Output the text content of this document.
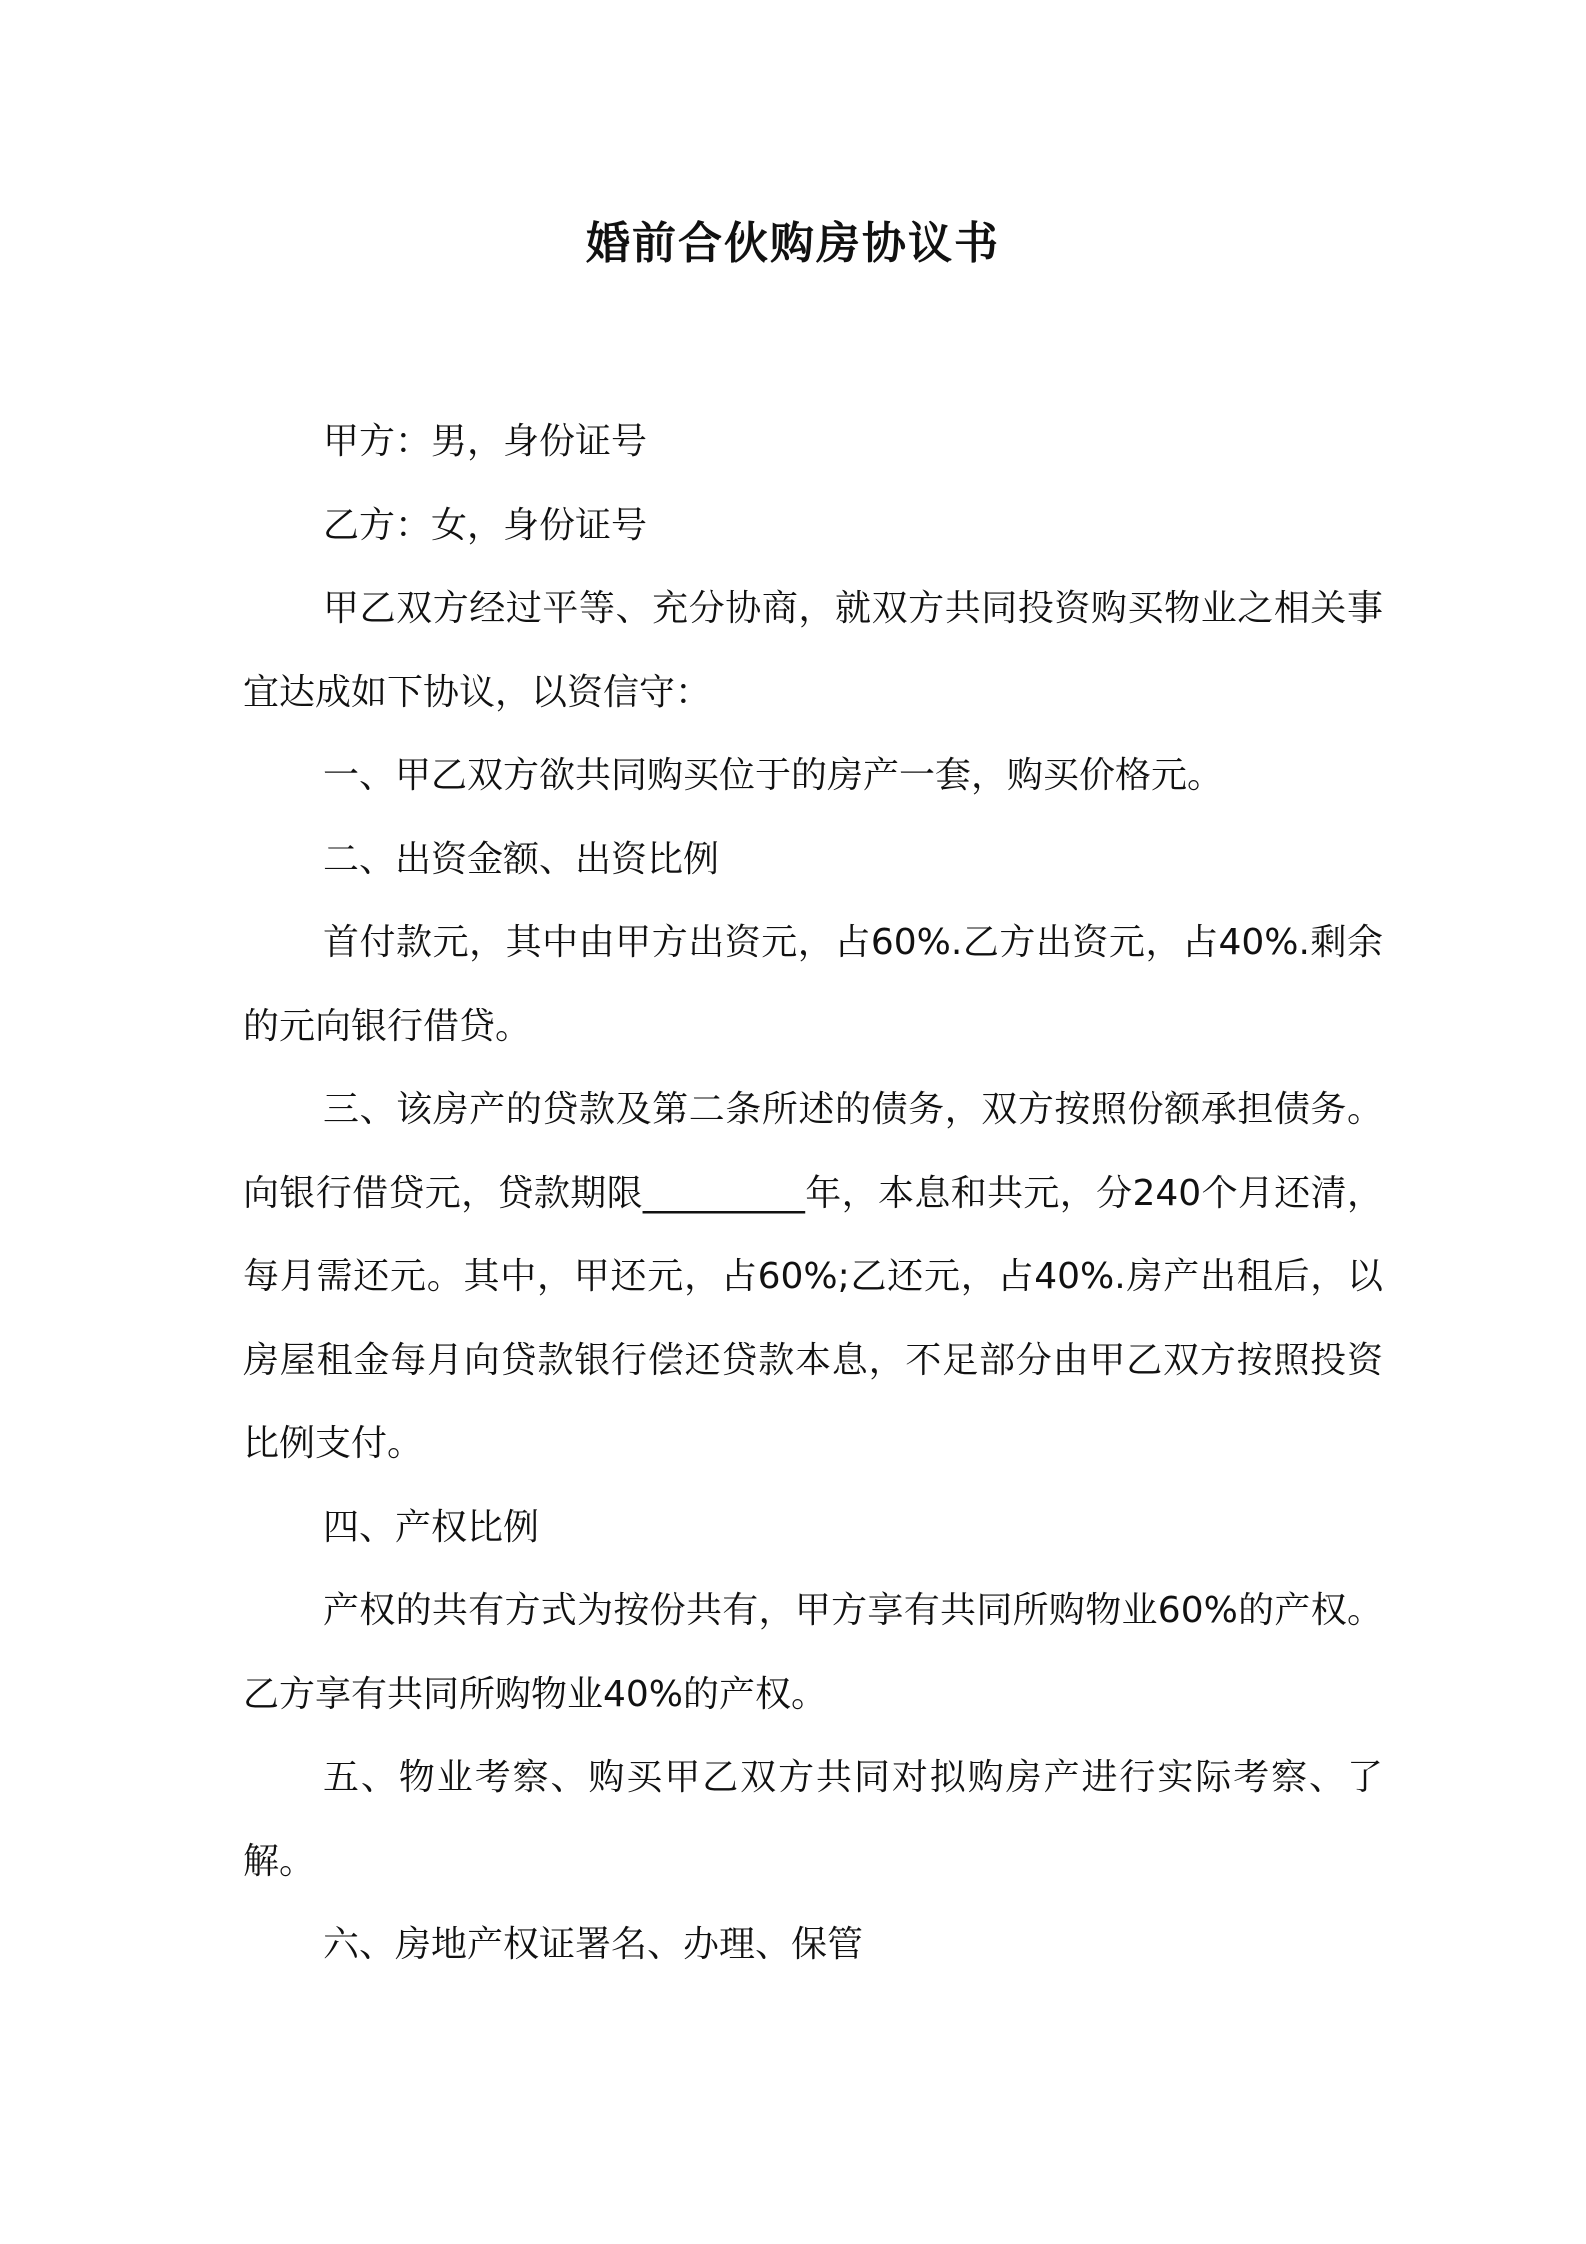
婚前合伙购房协议书

甲方：男，身份证号

乙方：女，身份证号

甲乙双方经过平等、充分协商，就双方共同投资购买物业之相关事宜达成如下协议，以资信守：

一、甲乙双方欲共同购买位于的房产一套，购买价格元。

二、出资金额、出资比例

首付款元，其中由甲方出资元，占60%.乙方出资元，占40%.剩余的元向银行借贷。

三、该房产的贷款及第二条所述的债务，双方按照份额承担债务。向银行借贷元，贷款期限_________年，本息和共元，分240个月还清，每月需还元。其中，甲还元，占60%;乙还元，占40%.房产出租后，以房屋租金每月向贷款银行偿还贷款本息，不足部分由甲乙双方按照投资比例支付。

四、产权比例

产权的共有方式为按份共有，甲方享有共同所购物业60%的产权。乙方享有共同所购物业40%的产权。

五、物业考察、购买甲乙双方共同对拟购房产进行实际考察、了解。

六、房地产权证署名、办理、保管
